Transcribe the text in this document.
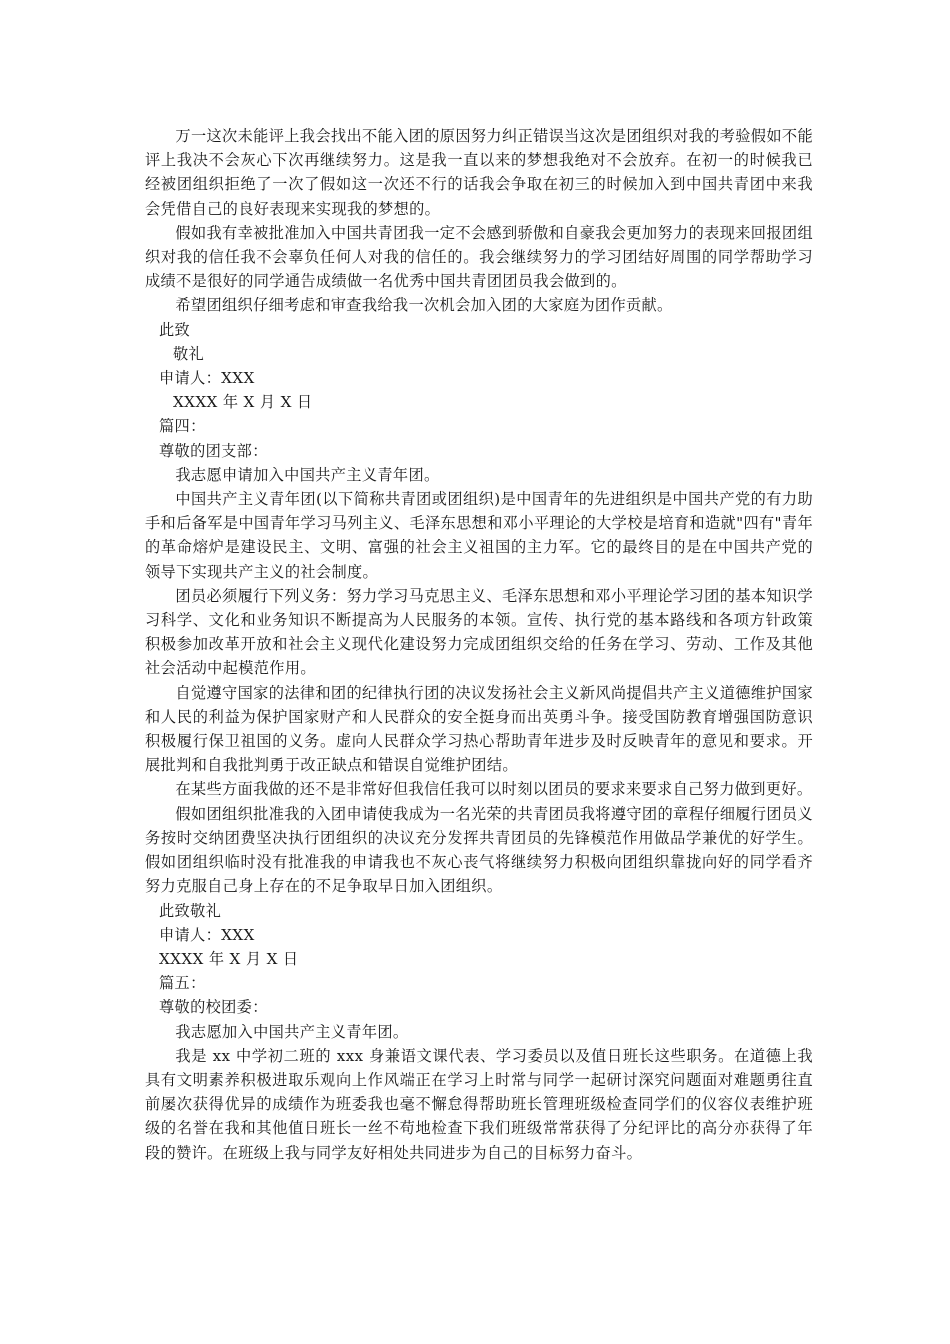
万一这次未能评上我会找出不能入团的原因努力纠正错误当这次是团组织对我的考验假如不能评上我决不会灰心下次再继续努力。这是我一直以来的梦想我绝对不会放弃。在初一的时候我已经被团组织拒绝了一次了假如这一次还不行的话我会争取在初三的时候加入到中国共青团中来我会凭借自己的良好表现来实现我的梦想的。

假如我有幸被批准加入中国共青团我一定不会感到骄傲和自豪我会更加努力的表现来回报团组织对我的信任我不会辜负任何人对我的信任的。我会继续努力的学习团结好周围的同学帮助学习成绩不是很好的同学通告成绩做一名优秀中国共青团团员我会做到的。

希望团组织仔细考虑和审查我给我一次机会加入团的大家庭为团作贡献。

此致

敬礼

申请人：XXX

XXXX 年 X 月 X 日

篇四：

尊敬的团支部：

我志愿申请加入中国共产主义青年团。

中国共产主义青年团(以下简称共青团或团组织)是中国青年的先进组织是中国共产党的有力助手和后备军是中国青年学习马列主义、毛泽东思想和邓小平理论的大学校是培育和造就"四有"青年的革命熔炉是建设民主、文明、富强的社会主义祖国的主力军。它的最终目的是在中国共产党的领导下实现共产主义的社会制度。

团员必须履行下列义务：努力学习马克思主义、毛泽东思想和邓小平理论学习团的基本知识学习科学、文化和业务知识不断提高为人民服务的本领。宣传、执行党的基本路线和各项方针政策积极参加改革开放和社会主义现代化建设努力完成团组织交给的任务在学习、劳动、工作及其他社会活动中起模范作用。

自觉遵守国家的法律和团的纪律执行团的决议发扬社会主义新风尚提倡共产主义道德维护国家和人民的利益为保护国家财产和人民群众的安全挺身而出英勇斗争。接受国防教育增强国防意识积极履行保卫祖国的义务。虚向人民群众学习热心帮助青年进步及时反映青年的意见和要求。开展批判和自我批判勇于改正缺点和错误自觉维护团结。

在某些方面我做的还不是非常好但我信任我可以时刻以团员的要求来要求自己努力做到更好。

假如团组织批准我的入团申请使我成为一名光荣的共青团员我将遵守团的章程仔细履行团员义务按时交纳团费坚决执行团组织的决议充分发挥共青团员的先锋模范作用做品学兼优的好学生。假如团组织临时没有批准我的申请我也不灰心丧气将继续努力积极向团组织靠拢向好的同学看齐努力克服自己身上存在的不足争取早日加入团组织。

此致敬礼

申请人：XXX

XXXX 年 X 月 X 日

篇五：

尊敬的校团委：

我志愿加入中国共产主义青年团。

我是 xx 中学初二班的 xxx 身兼语文课代表、学习委员以及值日班长这些职务。在道德上我具有文明素养积极进取乐观向上作风端正在学习上时常与同学一起研讨深究问题面对难题勇往直前屡次获得优异的成绩作为班委我也毫不懈怠得帮助班长管理班级检查同学们的仪容仪表维护班级的名誉在我和其他值日班长一丝不苟地检查下我们班级常常获得了分纪评比的高分亦获得了年段的赞许。在班级上我与同学友好相处共同进步为自己的目标努力奋斗。
